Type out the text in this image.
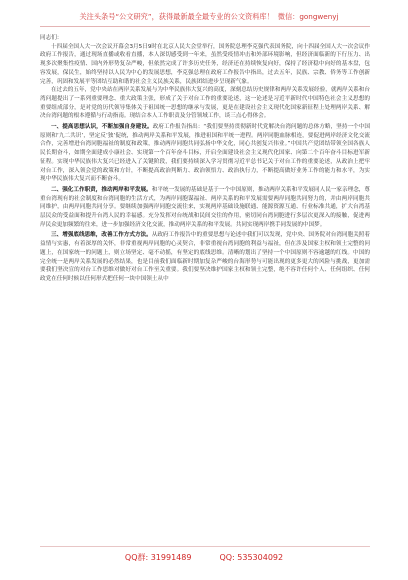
关注头条号“公文研究”，获得最新最全最专业的公文资料库！ 微信：gongwenyj
同志们：

十四届全国人大一次会议开幕会3月5日9时在北京人民大会堂举行，国务院总理李克强代表国务院，向十四届全国人大一次会议作政府工作报告，通过现场直播或收看直播，本人深切感受到一年来，虽然受疫情冲击和外部环境影响，但经济面临新的下行压力、出现多次聚集性疫情、国内外形势复杂严峻，但依然完成了许多历史任务，经济还在持续恢复向好，保持了经济稳中向好的基本盘，包容发展，保民生，始终坚持以人民为中心的发展思想，李克强总理在政府工作报告中指出，过去五年，民族、宗教、侨务等工作创新完善，巩固和发展平等团结互助和谐的社会主义民族关系，民族团结进步呈现新气象。

在过去的五年，党中央站在两岸关系发展与为中华民族伟大复兴的高度，深刻总结历史规律和两岸关系发展经验，就两岸关系和台湾问题提出了一系列重要理念、重大政策主张，形成了关于对台工作的重要论述，这一论述是习近平新时代中国特色社会主义思想的重要组成部分，是对党的历代领导集体关于祖国统一思想的继承与发展，更是在建设社会主义现代化国家新征程上处理两岸关系、解决台湾问题的根本遵循与行动指南。现结合本人工作职责及分管领域工作，谈三点心得体会。

一、提高思想认识，不断加强自身建设。政府工作报告指出：“我们要坚持贯彻新时代党解决台湾问题的总体方略，坚持一个中国原则和‘九二共识’，坚定反‘独’促统，推动两岸关系和平发展，推进祖国和平统一进程。两岸同胞血脉相连，要促进两岸经济文化交流合作，完善增进台湾同胞福祉的制度和政策，推动两岸同胞共同弘扬中华文化，同心共创复兴伟业。”中国共产党团结带领全国各族人民长期奋斗，如期全面建成小康社会、实现第一个百年奋斗目标，开启全面建设社会主义现代化国家、向第二个百年奋斗目标进军新征程。实现中华民族伟大复兴已经进入了关键阶段，我们要持续深入学习贯彻习近平总书记关于对台工作的重要论述，从政治上把牢对台工作，深入领会党的政策和方针，不断提高政治判断力、政治领悟力、政治执行力，不断提高做好业务工作的能力和水平，为实现中华民族伟大复兴而不断奋斗。

二、强化工作职责，推动两岸和平发展。和平统一发展的基础是基于一个中国原则，推动两岸关系和平发展同人民一家亲理念，尊重台湾现有的社会制度和台湾同胞的生活方式，为两岸同胞谋福祉、两岸关系的和平发展需要两岸同胞共同努力的，并由两岸同胞共同维护，由两岸同胞共同分享。要继续加强两岸同胞交流往来，实现两岸基础设施联通、能源资源互通、行业标准共通，扩大台湾基层民众的受益面和提升台湾人民的幸福感。充分发挥对台统战和民间交往的作用，密切同台湾同胞进行多层次更深入的接触，促进两岸民众更加频繁的往来，进一步加强经济文化交流，推动两岸关系的和平发展。共同实现两岸携手同发展的中国梦。

三、增强底线思维，改善工作方式方法。从政府工作报告中的重要思想与论述中我们可以发现，党中央、国务院对台湾同胞关照着益情与实惠，有着深厚的关怀，非常重视两岸同胞的心灵契合，非常重视台湾同胞的利益与福祉，但在涉及国家主权和领土完整的问题上，在国家统一的问题上，则立场坚定、毫不动摇，有坚定的底线思维。清晰的划出了坚持一个中国原则不容逾越的红线。中国的完全统一是两岸关系发展的必然结果，也是目前我们面临新时期加复杂严峻的台海形势与可能出现的更多更大的风险与挑战，更加需要我们坚决宣的对台工作思维对做好对台工作至关重要。我们要坚决维护国家主权和领土完整，绝不容许任何个人、任何组织、任何政党在任何时候以任何形式把任何一块中国领土从中

QQ群: 31991489	QQ: 535304092
